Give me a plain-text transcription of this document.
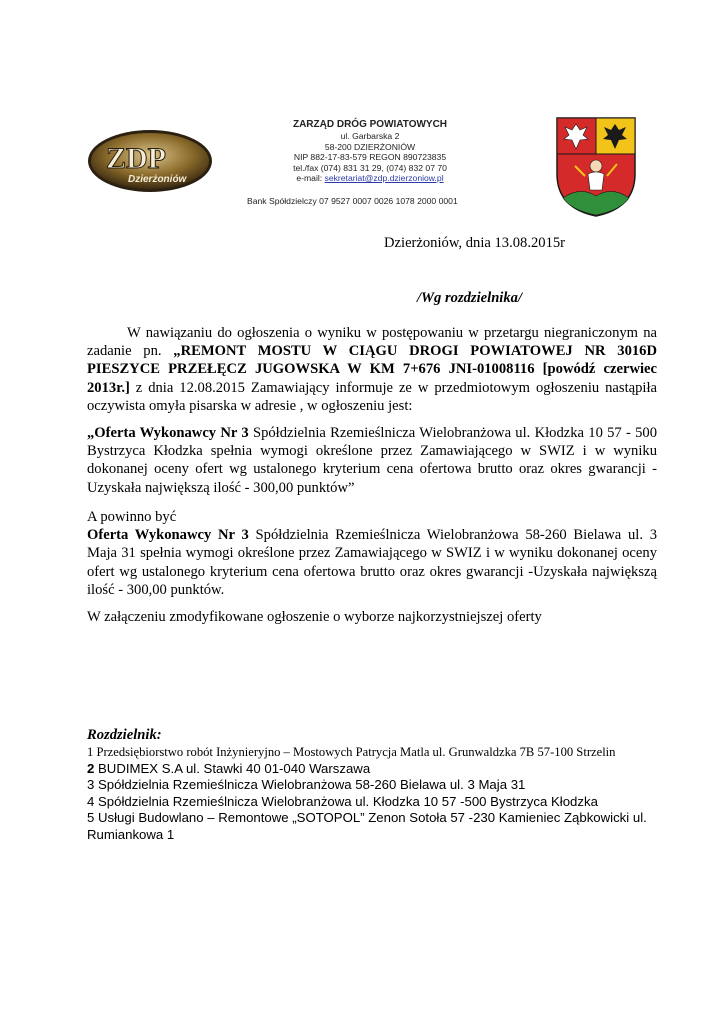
ZDP
Dzierżoniów
ZARZĄD DRÓG POWIATOWYCH
ul. Garbarska 2
58-200 DZIERŻONIÓW
NIP 882-17-83-579 REGON 890723835
tel./fax (074) 831 31 29, (074) 832 07 70
e-mail: sekretariat@zdp.dzierzoniow.pl
Bank Spółdzielczy 07 9527 0007 0026 1078 2000 0001
Dzierżoniów, dnia 13.08.2015r
/Wg rozdzielnika/
W nawiązaniu do ogłoszenia o wyniku w postępowaniu w przetargu niegraniczonym na zadanie pn. „REMONT MOSTU W CIĄGU DROGI POWIATOWEJ NR 3016D PIESZYCE PRZEŁĘCZ JUGOWSKA W KM 7+676 JNI-01008116 [powódź czerwiec 2013r.] z dnia 12.08.2015 Zamawiający informuje ze w przedmiotowym ogłoszeniu nastąpiła oczywista omyła pisarska w adresie , w ogłoszeniu jest:
„Oferta Wykonawcy Nr 3 Spółdzielnia Rzemieślnicza Wielobranżowa ul. Kłodzka 10 57 - 500 Bystrzyca Kłodzka spełnia wymogi określone przez Zamawiającego w SWIZ i w wyniku dokonanej oceny ofert wg ustalonego kryterium cena ofertowa brutto oraz okres gwarancji -Uzyskała największą ilość - 300,00 punktów”
A powinno być
Oferta Wykonawcy Nr 3 Spółdzielnia Rzemieślnicza Wielobranżowa 58-260 Bielawa ul. 3 Maja 31 spełnia wymogi określone przez Zamawiającego w SWIZ i w wyniku dokonanej oceny ofert wg ustalonego kryterium cena ofertowa brutto oraz okres gwarancji -Uzyskała największą ilość - 300,00 punktów.
W załączeniu zmodyfikowane ogłoszenie o wyborze najkorzystniejszej oferty
Rozdzielnik:
1 Przedsiębiorstwo robót Inżynieryjno – Mostowych Patrycja Matla ul. Grunwaldzka 7B 57-100 Strzelin
2 BUDIMEX S.A ul. Stawki 40 01-040 Warszawa
3 Spółdzielnia Rzemieślnicza Wielobranżowa 58-260 Bielawa ul. 3 Maja 31
4 Spółdzielnia Rzemieślnicza Wielobranżowa ul. Kłodzka 10 57 -500 Bystrzyca Kłodzka
5 Usługi Budowlano – Remontowe „SOTOPOL” Zenon Sotoła 57 -230 Kamieniec Ząbkowicki ul. Rumiankowa 1
